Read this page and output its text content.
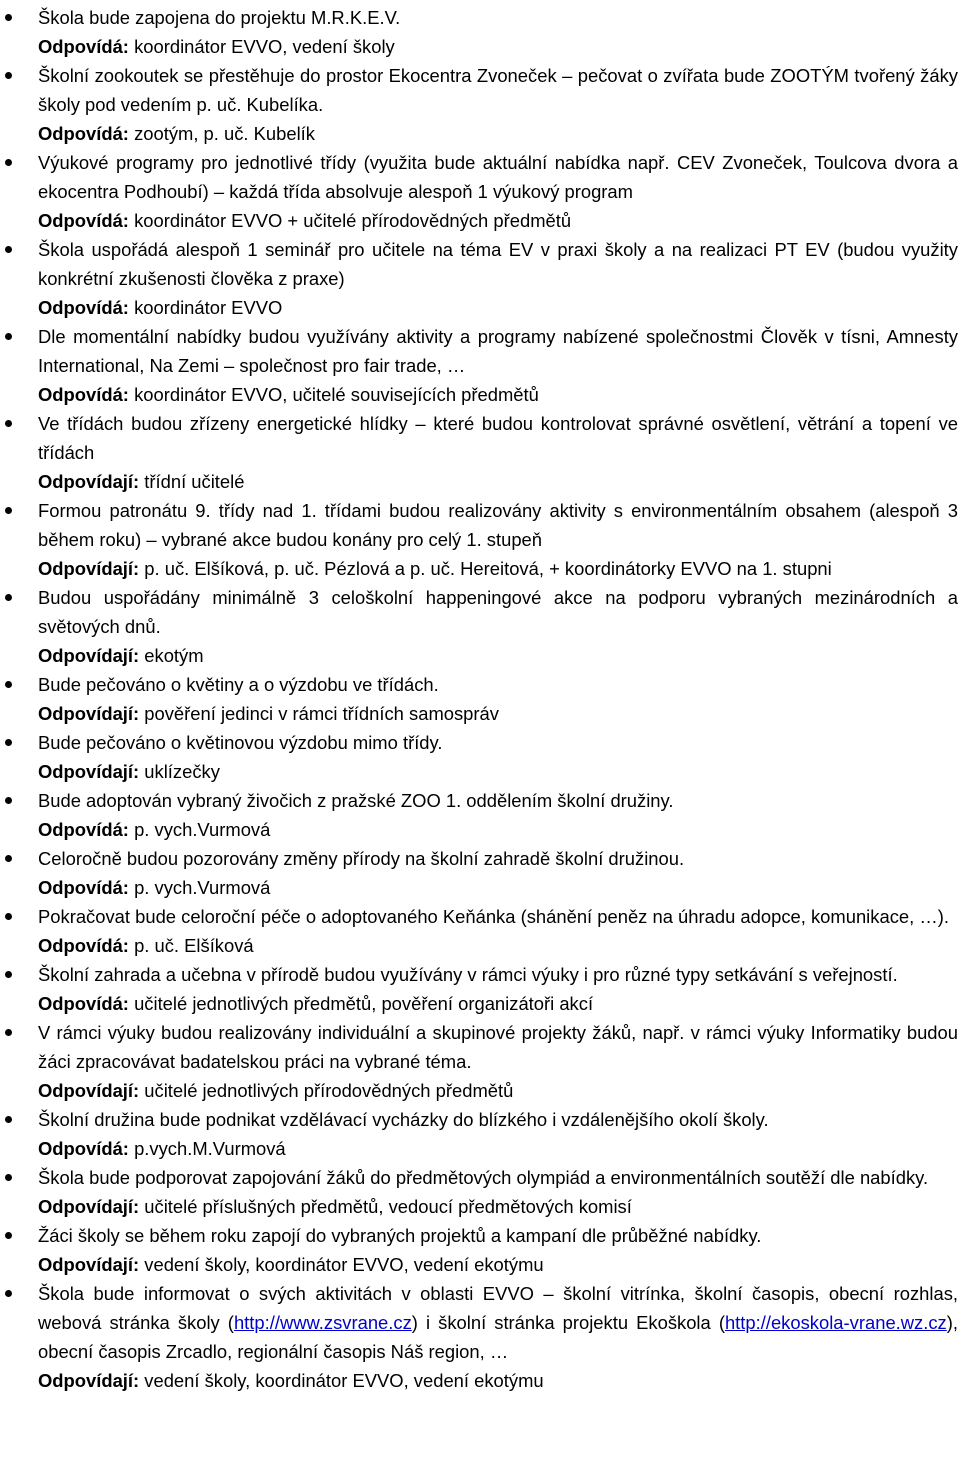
Škola bude zapojena do projektu M.R.K.E.V.

Odpovídá: koordinátor EVVO, vedení školy

Školní zookoutek se přestěhuje do prostor Ekocentra Zvoneček – pečovat o zvířata bude ZOOTÝM tvořený žáky školy pod vedením p. uč. Kubelíka.

Odpovídá: zootým, p. uč. Kubelík

Výukové programy pro jednotlivé třídy (využita bude aktuální nabídka např. CEV Zvoneček, Toulcova dvora a ekocentra Podhoubí) – každá třída absolvuje alespoň 1 výukový program

Odpovídá: koordinátor EVVO + učitelé přírodovědných předmětů

Škola uspořádá alespoň 1 seminář pro učitele na téma EV v praxi školy a na realizaci PT EV (budou využity konkrétní zkušenosti člověka z praxe)

Odpovídá: koordinátor EVVO

Dle momentální nabídky budou využívány aktivity a programy nabízené společnostmi Člověk v tísni, Amnesty International, Na Zemi – společnost pro fair trade, …

Odpovídá: koordinátor EVVO, učitelé souvisejících předmětů

Ve třídách budou zřízeny energetické hlídky – které budou kontrolovat správné osvětlení, větrání a topení ve třídách

Odpovídají: třídní učitelé

Formou patronátu 9. třídy nad 1. třídami budou realizovány aktivity s environmentálním obsahem (alespoň 3 během roku) – vybrané akce budou konány pro celý 1. stupeň

Odpovídají: p. uč. Elšíková, p. uč. Pézlová a p. uč. Hereitová, + koordinátorky EVVO na 1. stupni

Budou uspořádány minimálně 3 celoškolní happeningové akce na podporu vybraných mezinárodních a světových dnů.

Odpovídají: ekotým

Bude pečováno o květiny a o výzdobu ve třídách.

Odpovídají: pověření jedinci v rámci třídních samospráv

Bude pečováno o květinovou výzdobu mimo třídy.

Odpovídají: uklízečky

Bude adoptován vybraný živočich z pražské ZOO 1. oddělením školní družiny.

Odpovídá: p. vych.Vurmová

Celoročně budou pozorovány změny přírody na školní zahradě školní družinou.

Odpovídá: p. vych.Vurmová

Pokračovat bude celoroční péče o adoptovaného Keňánka (shánění peněz na úhradu adopce, komunikace, …).

Odpovídá: p. uč. Elšíková

Školní zahrada a učebna v přírodě budou využívány v rámci výuky i pro různé typy setkávání s veřejností.

Odpovídá: učitelé jednotlivých předmětů, pověření organizátoři akcí

V rámci výuky budou realizovány individuální a skupinové projekty žáků, např. v rámci výuky Informatiky budou žáci zpracovávat badatelskou práci na vybrané téma.

Odpovídají: učitelé jednotlivých přírodovědných předmětů

Školní družina bude podnikat vzdělávací vycházky do blízkého i vzdálenějšího okolí školy.

Odpovídá: p.vych.M.Vurmová

Škola bude podporovat zapojování žáků do předmětových olympiád a environmentálních soutěží dle nabídky.

Odpovídají: učitelé příslušných předmětů, vedoucí předmětových komisí

Žáci školy se během roku zapojí do vybraných projektů a kampaní dle průběžné nabídky.

Odpovídají: vedení školy, koordinátor EVVO, vedení ekotýmu

Škola bude informovat o svých aktivitách v oblasti EVVO – školní vitrínka, školní časopis, obecní rozhlas, webová stránka školy (http://www.zsvrane.cz) i školní stránka projektu Ekoškola (http://ekoskola-vrane.wz.cz), obecní časopis Zrcadlo, regionální časopis Náš region, …

Odpovídají: vedení školy, koordinátor EVVO, vedení ekotýmu
